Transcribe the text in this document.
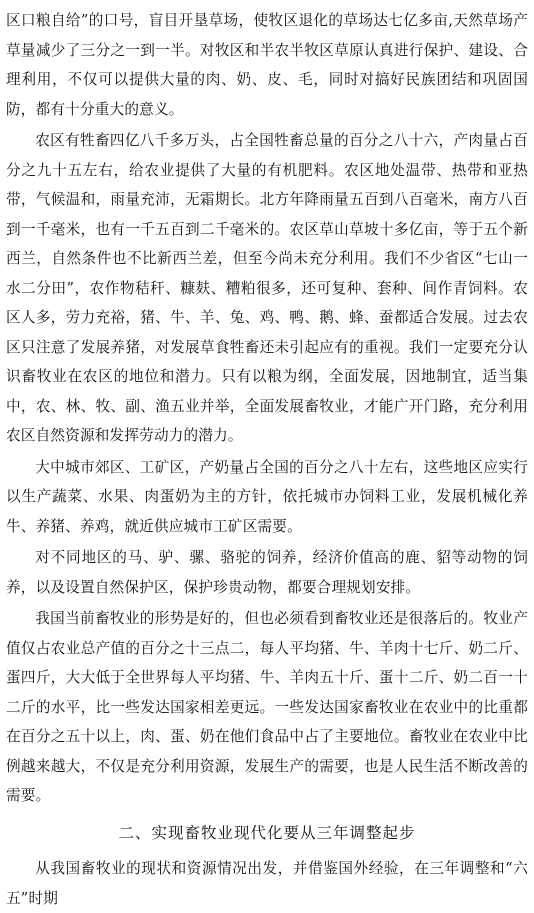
区口粮自给”的口号，盲目开垦草场，使牧区退化的草场达七亿多亩,天然草场产草量减少了三分之一到一半。对牧区和半农半牧区草原认真进行保护、建设、合理利用，不仅可以提供大量的肉、奶、皮、毛，同时对搞好民族团结和巩固国防，都有十分重大的意义。

农区有牲畜四亿八千多万头，占全国牲畜总量的百分之八十六，产肉量占百分之九十五左右，给农业提供了大量的有机肥料。农区地处温带、热带和亚热带，气候温和，雨量充沛，无霜期长。北方年降雨量五百到八百毫米，南方八百到一千毫米，也有一千五百到二千毫米的。农区草山草坡十多亿亩，等于五个新西兰，自然条件也不比新西兰差，但至今尚未充分利用。我们不少省区“七山一水二分田”，农作物秸秆、糠麸、糟粕很多，还可复种、套种、间作青饲料。农区人多，劳力充裕，猪、牛、羊、兔、鸡、鸭、鹅、蜂、蚕都适合发展。过去农区只注意了发展养猪，对发展草食牲畜还未引起应有的重视。我们一定要充分认识畜牧业在农区的地位和潜力。只有以粮为纲，全面发展，因地制宜，适当集中，农、林、牧、副、渔五业并举，全面发展畜牧业，才能广开门路，充分利用农区自然资源和发挥劳动力的潜力。

大中城市郊区、工矿区，产奶量占全国的百分之八十左右，这些地区应实行以生产蔬菜、水果、肉蛋奶为主的方针，依托城市办饲料工业，发展机械化养牛、养猪、养鸡，就近供应城市工矿区需要。

对不同地区的马、驴、骡、骆驼的饲养，经济价值高的鹿、貂等动物的饲养，以及设置自然保护区，保护珍贵动物，都要合理规划安排。

我国当前畜牧业的形势是好的，但也必须看到畜牧业还是很落后的。牧业产值仅占农业总产值的百分之十三点二，每人平均猪、牛、羊肉十七斤、奶二斤、蛋四斤，大大低于全世界每人平均猪、牛、羊肉五十斤、蛋十二斤、奶二百一十二斤的水平，比一些发达国家相差更远。一些发达国家畜牧业在农业中的比重都在百分之五十以上，肉、蛋、奶在他们食品中占了主要地位。畜牧业在农业中比例越来越大，不仅是充分利用资源，发展生产的需要，也是人民生活不断改善的需要。

二、实现畜牧业现代化要从三年调整起步

从我国畜牧业的现状和资源情况出发，并借鉴国外经验，在三年调整和“六五”时期
